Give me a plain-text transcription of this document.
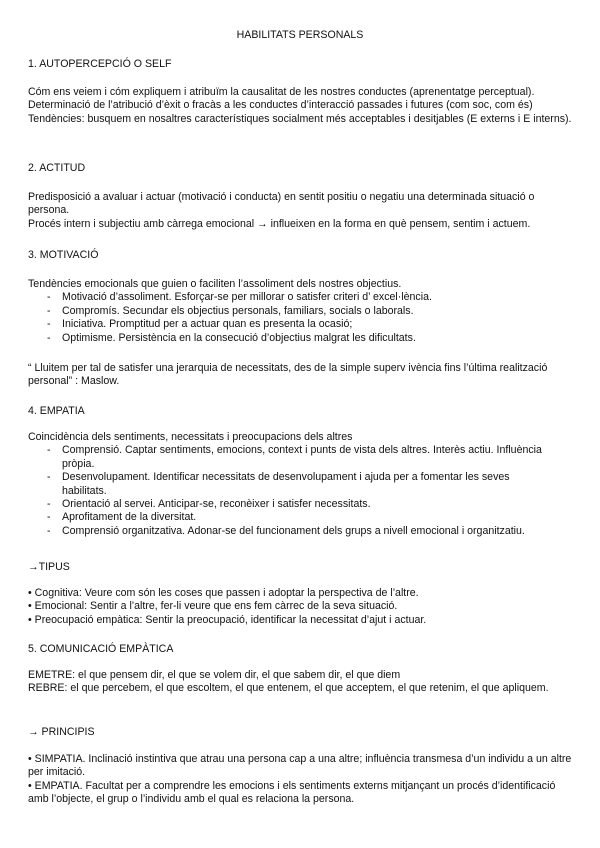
HABILITATS PERSONALS

1. AUTOPERCEPCIÓ O SELF

Cóm ens veiem i cóm expliquem i atribuïm la causalitat de les nostres conductes (aprenentatge perceptual).

Determinació de l’atribució d’èxit o fracàs a les conductes d’interacció passades i futures (com soc, com és)

Tendències: busquem en nosaltres característiques socialment més acceptables i desitjables (E externs i E interns).

2. ACTITUD

Predisposició a avaluar i actuar (motivació i conducta) en sentit positiu o negatiu una determinada situació o persona.

Procés intern i subjectiu amb càrrega emocional → influeixen en la forma en què pensem, sentim i actuem.

3. MOTIVACIÓ

Tendències emocionals que guien o faciliten l’assoliment dels nostres objectius.

- Motivació d’assoliment. Esforçar-se per millorar o satisfer criteri d’ excel·lència.
- Compromís. Secundar els objectius personals, familiars, socials o laborals.
- Iniciativa. Promptitud per a actuar quan es presenta la ocasió;
- Optimisme. Persistència en la consecució d’objectius malgrat les dificultats.

“ Lluitem per tal de satisfer una jerarquia de necessitats, des de la simple superv ivència fins l’última realització personal” : Maslow.

4. EMPATIA

Coincidència dels sentiments, necessitats i preocupacions dels altres

- Comprensió. Captar sentiments, emocions, context i punts de vista dels altres. Interès actiu. Influència pròpia.
- Desenvolupament. Identificar necessitats de desenvolupament i ajuda per a fomentar les seves habilitats.
- Orientació al servei. Anticipar-se, reconèixer i satisfer necessitats.
- Aprofitament de la diversitat.
- Comprensió organitzativa. Adonar-se del funcionament dels grups a nivell emocional i organitzatiu.

→TIPUS

• Cognitiva: Veure com són les coses que passen i adoptar la perspectiva de l’altre.
• Emocional: Sentir a l’altre, fer-li veure que ens fem càrrec de la seva situació.
• Preocupació empàtica: Sentir la preocupació, identificar la necessitat d’ajut i actuar.

5. COMUNICACIÓ EMPÀTICA

EMETRE: el que pensem dir, el que se volem dir, el que sabem dir, el que diem

REBRE: el que percebem, el que escoltem, el que entenem, el que acceptem, el que retenim, el que apliquem.

→ PRINCIPIS

• SIMPATIA. Inclinació instintiva que atrau una persona cap a una altre; influència transmesa d’un individu a un altre per imitació.
• EMPATIA. Facultat per a comprendre les emocions i els sentiments externs mitjançant un procés d’identificació amb l’objecte, el grup o l’individu amb el qual es relaciona la persona.
